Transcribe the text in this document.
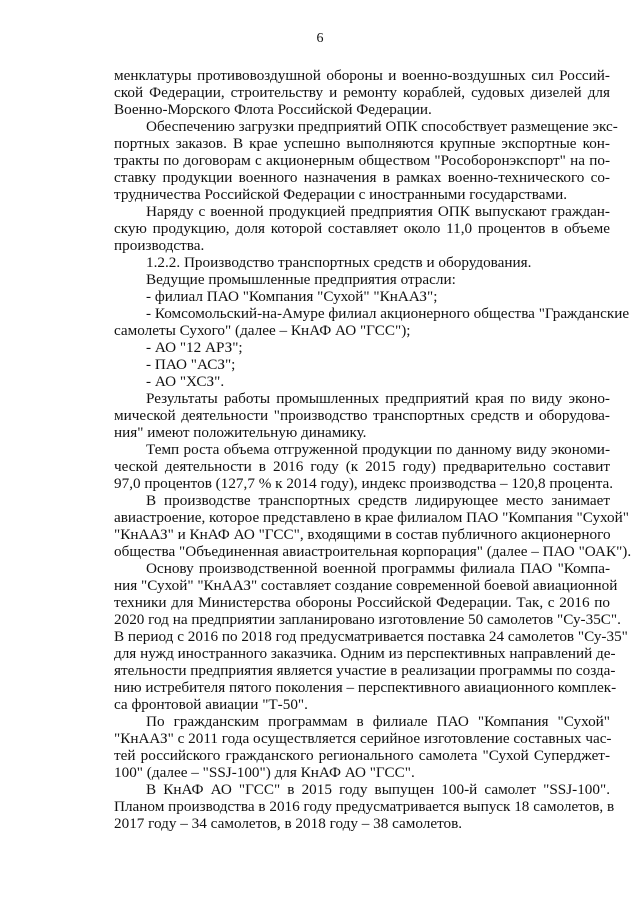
6
менклатуры противовоздушной обороны и военно-воздушных сил Россий-
ской Федерации, строительству и ремонту кораблей, судовых дизелей для
Военно-Морского Флота Российской Федерации.
Обеспечению загрузки предприятий ОПК способствует размещение экс-
портных заказов. В крае успешно выполняются крупные экспортные кон-
тракты по договорам с акционерным обществом "Рособоронэкспорт" на по-
ставку продукции военного назначения в рамках военно-технического со-
трудничества Российской Федерации с иностранными государствами.
Наряду с военной продукцией предприятия ОПК выпускают граждан-
скую продукцию, доля которой составляет около 11,0 процентов в объеме
производства.
1.2.2. Производство транспортных средств и оборудования.
Ведущие промышленные предприятия отрасли:
- филиал ПАО "Компания "Сухой" "КнААЗ";
- Комсомольский-на-Амуре филиал акционерного общества "Гражданские
самолеты Сухого" (далее – КнАФ АО "ГСС");
- АО "12 АРЗ";
- ПАО "АСЗ";
- АО "ХСЗ".
Результаты работы промышленных предприятий края по виду эконо-
мической деятельности "производство транспортных средств и оборудова-
ния" имеют положительную динамику.
Темп роста объема отгруженной продукции по данному виду экономи-
ческой деятельности в 2016 году (к 2015 году) предварительно составит
97,0 процентов (127,7 % к 2014 году), индекс производства – 120,8 процента.
В производстве транспортных средств лидирующее место занимает
авиастроение, которое представлено в крае филиалом ПАО "Компания "Сухой"
"КнААЗ" и КнАФ АО "ГСС", входящими в состав публичного акционерного
общества "Объединенная авиастроительная корпорация" (далее – ПАО "ОАК").
Основу производственной военной программы филиала ПАО "Компа-
ния "Сухой" "КнААЗ" составляет создание современной боевой авиационной
техники для Министерства обороны Российской Федерации. Так, с 2016 по
2020 год на предприятии запланировано изготовление 50 самолетов "Су-35С".
В период с 2016 по 2018 год предусматривается поставка 24 самолетов "Су-35"
для нужд иностранного заказчика. Одним из перспективных направлений де-
ятельности предприятия является участие в реализации программы по созда-
нию истребителя пятого поколения – перспективного авиационного комплек-
са фронтовой авиации "Т-50".
По гражданским программам в филиале ПАО "Компания "Сухой"
"КнААЗ" с 2011 года осуществляется серийное изготовление составных час-
тей российского гражданского регионального самолета "Сухой Суперджет-
100" (далее – "SSJ-100") для КнАФ АО "ГСС".
В КнАФ АО "ГСС" в 2015 году выпущен 100-й самолет "SSJ-100".
Планом производства в 2016 году предусматривается выпуск 18 самолетов, в
2017 году – 34 самолетов, в 2018 году – 38 самолетов.
